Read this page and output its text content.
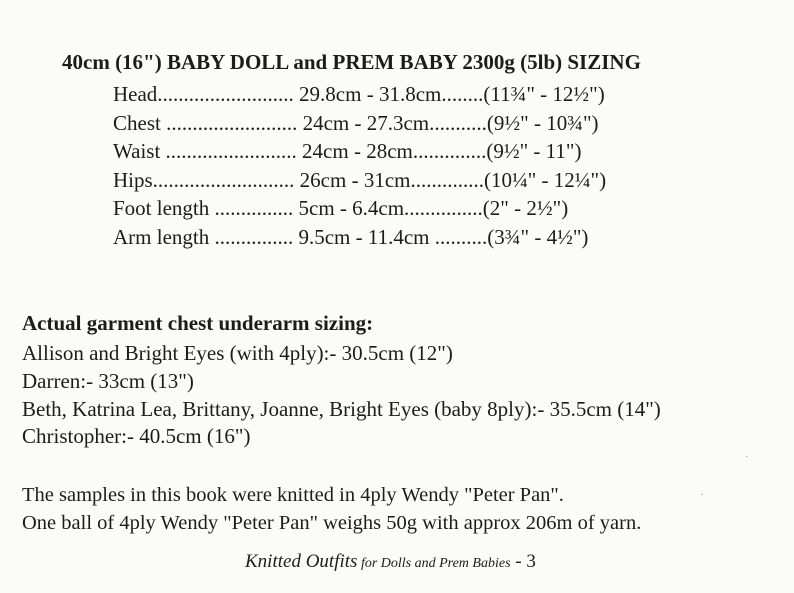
40cm (16") BABY DOLL and PREM BABY 2300g (5lb) SIZING
Head.......................... 29.8cm - 31.8cm........(11¾" - 12½")
Chest ......................... 24cm - 27.3cm...........(9½" - 10¾")
Waist ......................... 24cm - 28cm..............(9½" - 11")
Hips........................... 26cm - 31cm..............(10¼" - 12¼")
Foot length ............... 5cm - 6.4cm...............(2" - 2½")
Arm length ............... 9.5cm - 11.4cm ..........(3¾" - 4½")
Actual garment chest underarm sizing:
Allison and Bright Eyes (with 4ply):- 30.5cm (12")
Darren:- 33cm (13")
Beth, Katrina Lea, Brittany, Joanne, Bright Eyes (baby 8ply):- 35.5cm (14")
Christopher:- 40.5cm (16")
The samples in this book were knitted in 4ply Wendy "Peter Pan".
One ball of 4ply Wendy "Peter Pan" weighs 50g with approx 206m of yarn.
Knitted Outfits for Dolls and Prem Babies - 3
·
·
